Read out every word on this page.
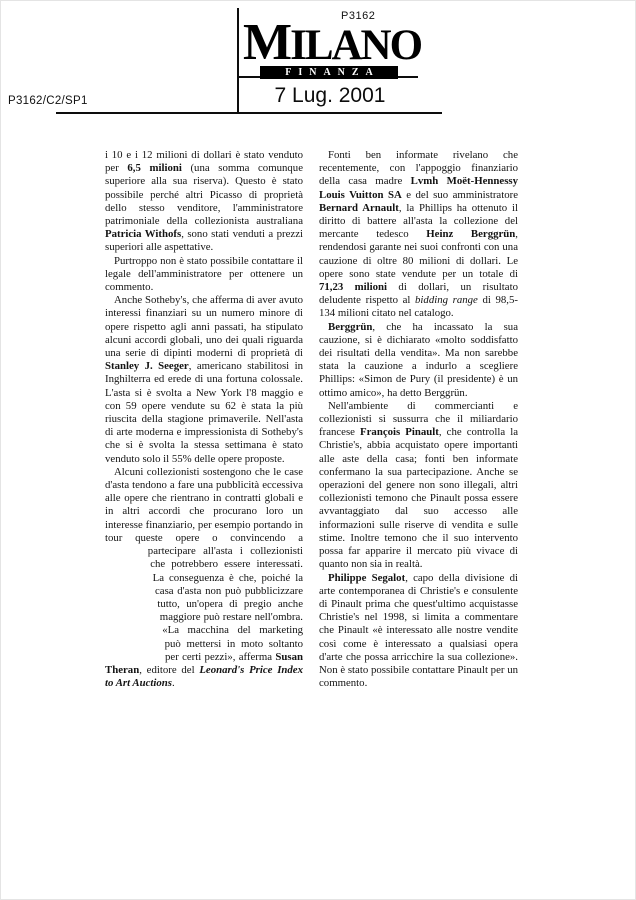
P3162
MILANO
FINANZA
P3162/C2/SP1	7 Lug. 2001

i 10 e i 12 milioni di dollari è stato venduto per 6,5 milioni (una somma comunque superiore alla sua riserva). Questo è stato possibile perché altri Picasso di proprietà dello stesso venditore, l'amministratore patrimoniale della collezionista australiana Patricia Withofs, sono stati venduti a prezzi superiori alle aspettative.

Purtroppo non è stato possibile contattare il legale dell'amministratore per ottenere un commento.

Anche Sotheby's, che afferma di aver avuto interessi finanziari su un numero minore di opere rispetto agli anni passati, ha stipulato alcuni accordi globali, uno dei quali riguarda una serie di dipinti moderni di proprietà di Stanley J. Seeger, americano stabilitosi in Inghilterra ed erede di una fortuna colossale. L'asta si è svolta a New York l'8 maggio e con 59 opere vendute su 62 è stata la più riuscita della stagione primaverile. Nell'asta di arte moderna e impressionista di Sotheby's che si è svolta la stessa settimana è stato venduto solo il 55% delle opere proposte.

Alcuni collezionisti sostengono che le case d'asta tendono a fare una pubblicità eccessiva alle opere che rientrano in contratti globali e in altri accordi che procurano loro un interesse finanziario, per esempio portando in tour queste opere o
convincendo a partecipare all'asta i collezionisti che potrebbero essere interessati. La conseguenza è che, poiché la casa d'asta non può pubblicizzare tutto, un'opera di pregio anche maggiore può restare nell'ombra. «La macchina del marketing può mettersi in moto soltanto per certi pezzi», afferma Susan Theran, editore del Leonard's Price Index to Art Auctions.

Fonti ben informate rivelano che recentemente, con l'appoggio finanziario della casa madre Lvmh Moët-Hennessy Louis Vuitton SA e del suo amministratore Bernard Arnault, la Phillips ha ottenuto il diritto di battere all'asta la collezione del mercante tedesco Heinz Berggrün, rendendosi garante nei suoi confronti con una cauzione di oltre 80 milioni di dollari. Le opere sono state vendute per un totale di 71,23 milioni di dollari, un risultato deludente rispetto al bidding range di 98,5-134 milioni citato nel catalogo.

Berggrün, che ha incassato la sua cauzione, si è dichiarato «molto soddisfatto dei risultati della vendita». Ma non sarebbe stata la cauzione a indurlo a scegliere Phillips: «Simon de Pury (il presidente) è un ottimo amico», ha detto Berggrün.

Nell'ambiente di commercianti e collezionisti si sussurra che il miliardario francese François Pinault, che controlla la Christie's, abbia acquistato opere importanti alle aste della casa; fonti ben informate confermano la sua partecipazione. Anche se operazioni del genere non sono illegali, altri collezionisti temono che Pinault possa essere avvantaggiato dal suo accesso alle informazioni sulle riserve di vendita e sulle stime. Inoltre temono che il suo intervento possa far apparire il mercato più vivace di quanto non sia in realtà.

Philippe Segalot, capo della divisione di arte contemporanea di Christie's e consulente di Pinault prima che quest'ultimo acquistasse Christie's nel 1998, si limita a commentare che Pinault «è interessato alle nostre vendite così come è interessato a qualsiasi opera d'arte che possa arricchire la sua collezione». Non è stato possibile contattare Pinault per un commento.
